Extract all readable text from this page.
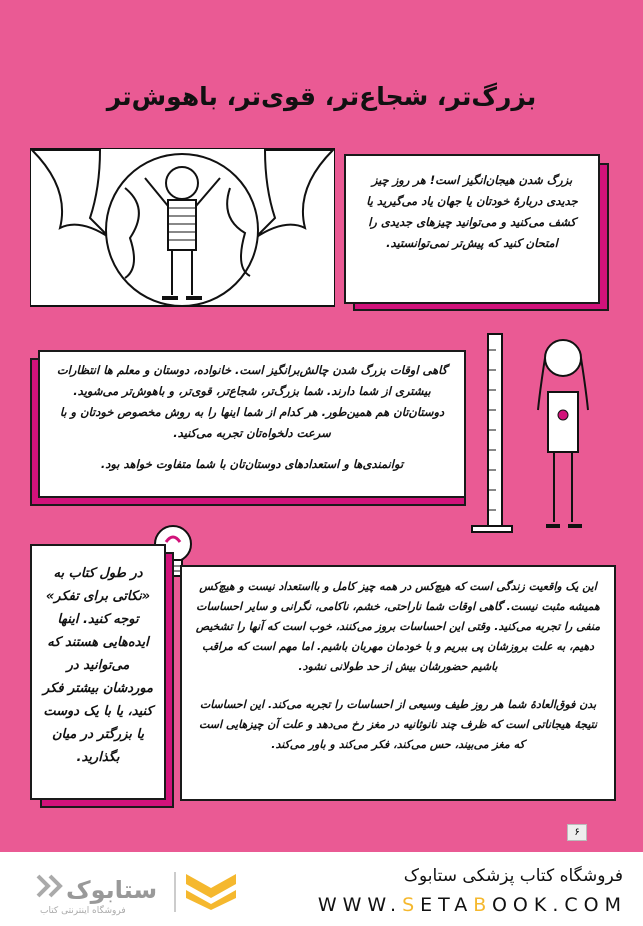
بزرگ‌تر، شجاع‌تر، قوی‌تر، باهوش‌تر
بزرگ شدن هیجان‌انگیز است! هر روز چیز جدیدی دربارهٔ خودتان یا جهان یاد می‌گیرید یا کشف می‌کنید و می‌توانید چیزهای جدیدی را امتحان کنید که پیش‌تر نمی‌توانستید.

گاهی اوقات بزرگ شدن چالش‌برانگیز است. خانواده، دوستان و معلم ها انتظارات بیشتری از شما دارند. شما بزرگ‌تر، شجاع‌تر، قوی‌تر، و باهوش‌تر می‌شوید. دوستان‌تان هم همین‌طور. هر کدام از شما اینها را به روش مخصوص خودتان و با سرعت دلخواه‌تان تجربه می‌کنید.

توانمندی‌ها و استعدادهای دوستان‌تان با شما متفاوت خواهد بود.

در طول کتاب به «نکاتی برای تفکر» توجه کنید. اینها ایده‌هایی هستند که می‌توانید در موردشان بیشتر فکر کنید، یا با یک دوست یا بزرگتر در میان بگذارید.

این یک واقعیت زندگی است که هیچ‌کس در همه چیز کامل و بااستعداد نیست و هیچ‌کس همیشه مثبت نیست. گاهی اوقات شما ناراحتی، خشم، ناکامی، نگرانی و سایر احساسات منفی را تجربه می‌کنید. وقتی این احساسات بروز می‌کنند، خوب است که آنها را تشخیص دهیم، به علت بروزشان پی ببریم و با خودمان مهربان باشیم. اما مهم است که مراقب باشیم حضورشان بیش از حد طولانی نشود.

بدن فوق‌العادهٔ شما هر روز طیف وسیعی از احساسات را تجربه می‌کند. این احساسات نتیجهٔ هیجاناتی است که ظرف چند نانوثانیه در مغز رخ می‌دهد و علت آن چیزهایی است که مغز می‌بیند، حس می‌کند، فکر می‌کند و باور می‌کند.

۶
ستابوک
فروشگاه اینترنتی کتاب
فروشگاه کتاب پزشکی ستابوک
WWW.SETABOOK.COM
